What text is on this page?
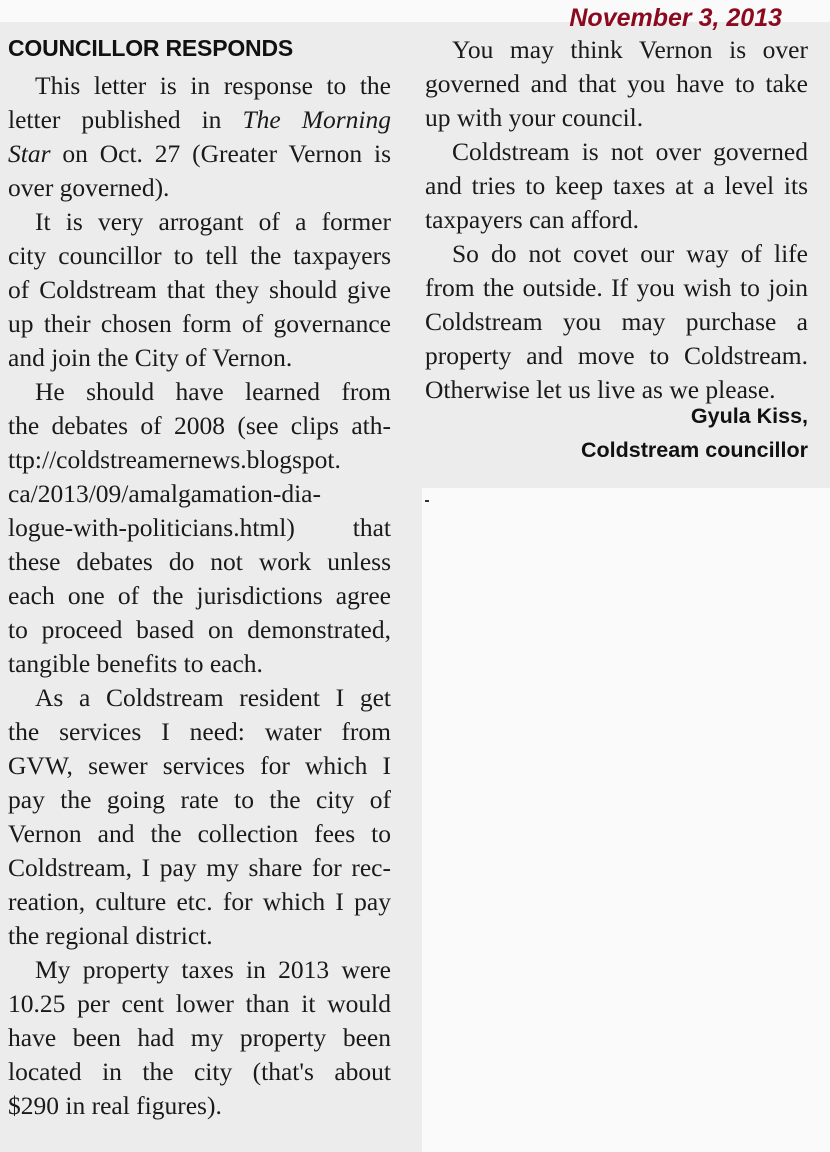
November 3, 2013
COUNCILLOR RESPONDS
This letter is in response to the
letter published in The Morning
Star on Oct. 27 (Greater Vernon is
over governed).
It is very arrogant of a former
city councillor to tell the taxpayers
of Coldstream that they should give
up their chosen form of governance
and join the City of Vernon.
He should have learned from
the debates of 2008 (see clips ath-
ttp://coldstreamernews.blogspot.
ca/2013/09/amalgamation-dia-
logue-with-politicians.html) that
these debates do not work unless
each one of the jurisdictions agree
to proceed based on demonstrated,
tangible benefits to each.
As a Coldstream resident I get
the services I need: water from
GVW, sewer services for which I
pay the going rate to the city of
Vernon and the collection fees to
Coldstream, I pay my share for rec-
reation, culture etc. for which I pay
the regional district.
My property taxes in 2013 were
10.25 per cent lower than it would
have been had my property been
located in the city (that's about
$290 in real figures).
You may think Vernon is over
governed and that you have to take
up with your council.
Coldstream is not over governed
and tries to keep taxes at a level its
taxpayers can afford.
So do not covet our way of life
from the outside. If you wish to join
Coldstream you may purchase a
property and move to Coldstream.
Otherwise let us live as we please.
Gyula Kiss,
Coldstream councillor
